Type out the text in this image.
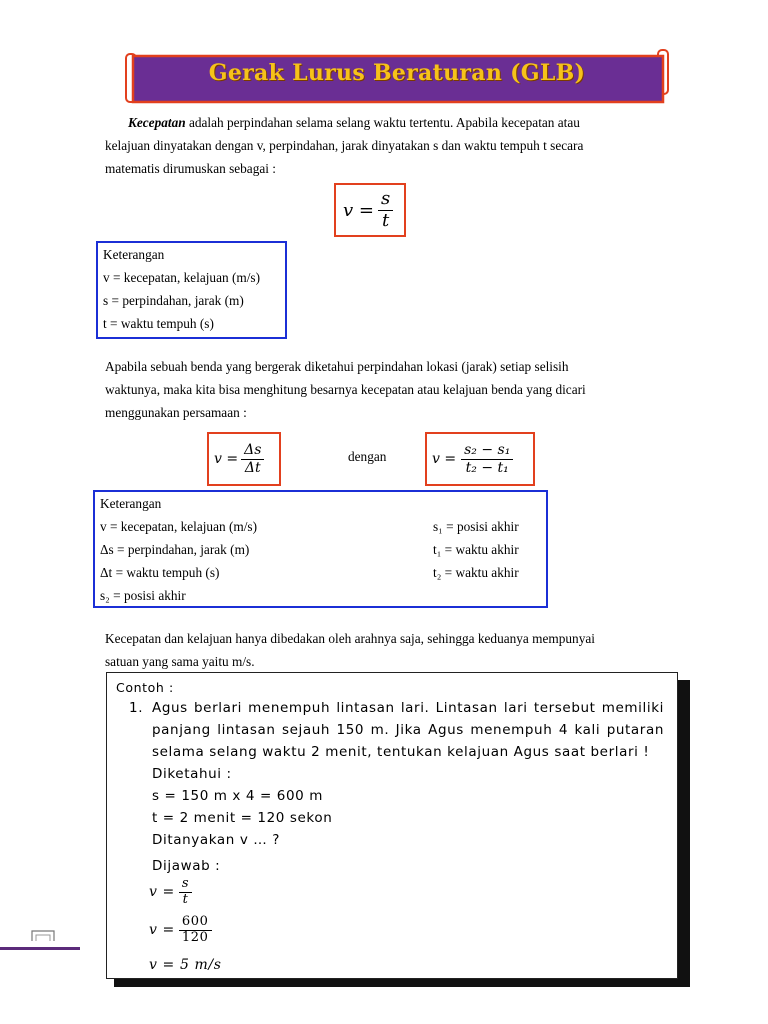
Gerak Lurus Beraturan (GLB)

Kecepatan adalah perpindahan selama selang waktu tertentu. Apabila kecepatan atau

kelajuan dinyatakan dengan v, perpindahan, jarak dinyatakan s dan waktu tempuh t secara

matematis dirumuskan sebagai :

$v = \frac{s}{t}$
Keterangan
v = kecepatan, kelajuan (m/s)
s = perpindahan, jarak (m)
t = waktu tempuh (s)

Apabila sebuah benda yang bergerak diketahui perpindahan lokasi (jarak) setiap selisih

waktunya, maka kita bisa menghitung besarnya kecepatan atau kelajuan benda yang dicari

menggunakan persamaan :

$v = \frac{\Delta s}{\Delta t}$	dengan	$v = \frac{\text{s₂ − s₁}}{\text{t₂ − t₁}}$
Keterangan
v = kecepatan, kelajuan (m/s)
Δs = perpindahan, jarak (m)
Δt = waktu tempuh (s)
s₂ = posisi akhir
s₁ = posisi akhir
t₁ = waktu akhir
t₂ = waktu akhir

Kecepatan dan kelajuan hanya dibedakan oleh arahnya saja, sehingga keduanya mempunyai

satuan yang sama yaitu m/s.

Contoh :
1. Agus berlari menempuh lintasan lari. Lintasan lari tersebut memiliki
panjang lintasan sejauh 150 m. Jika Agus menempuh 4 kali putaran
selama selang waktu 2 menit, tentukan kelajuan Agus saat berlari !
Diketahui :
s = 150 m x 4 = 600 m
t = 2 menit = 120 sekon
Ditanyakan v … ?
Dijawab :
$v = \frac{s}{t}$
$v = \frac{600}{120}$
v = 5 m/s
